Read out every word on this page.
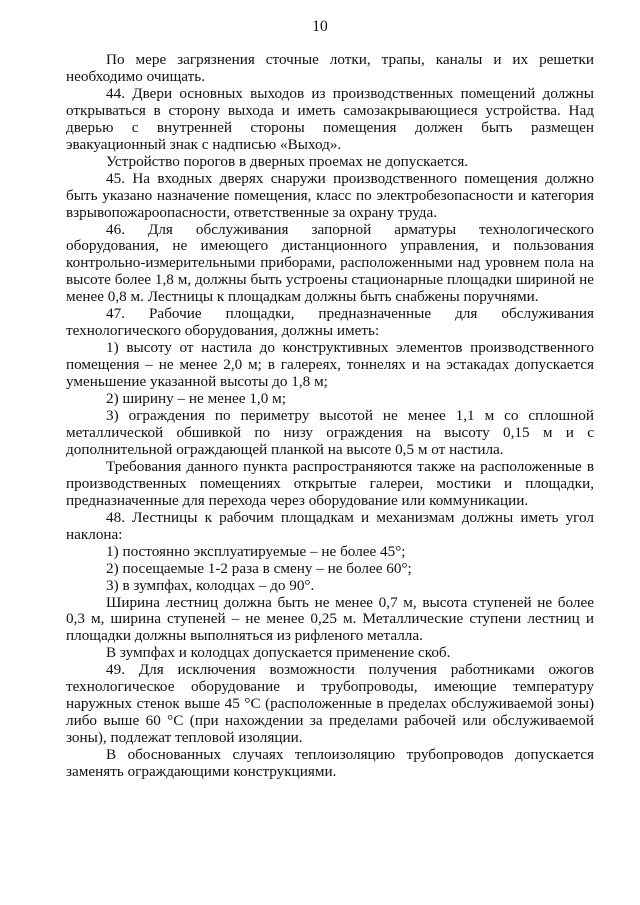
10

По мере загрязнения сточные лотки, трапы, каналы и их решетки необходимо очищать.

44. Двери основных выходов из производственных помещений должны открываться в сторону выхода и иметь самозакрывающиеся устройства. Над дверью с внутренней стороны помещения должен быть размещен эвакуационный знак с надписью «Выход».

Устройство порогов в дверных проемах не допускается.

45. На входных дверях снаружи производственного помещения должно быть указано назначение помещения, класс по электробезопасности и категория взрывопожароопасности, ответственные за охрану труда.

46. Для обслуживания запорной арматуры технологического оборудования, не имеющего дистанционного управления, и пользования контрольно-измерительными приборами, расположенными над уровнем пола на высоте более 1,8 м, должны быть устроены стационарные площадки шириной не менее 0,8 м. Лестницы к площадкам должны быть снабжены поручнями.

47. Рабочие площадки, предназначенные для обслуживания технологического оборудования, должны иметь:

1) высоту от настила до конструктивных элементов производственного помещения – не менее 2,0 м; в галереях, тоннелях и на эстакадах допускается уменьшение указанной высоты до 1,8 м;

2) ширину – не менее 1,0 м;

3) ограждения по периметру высотой не менее 1,1 м со сплошной металлической обшивкой по низу ограждения на высоту 0,15 м и с дополнительной ограждающей планкой на высоте 0,5 м от настила.

Требования данного пункта распространяются также на расположенные в производственных помещениях открытые галереи, мостики и площадки, предназначенные для перехода через оборудование или коммуникации.

48. Лестницы к рабочим площадкам и механизмам должны иметь угол наклона:

1) постоянно эксплуатируемые – не более 45°;

2) посещаемые 1-2 раза в смену – не более 60°;

3) в зумпфах, колодцах – до 90°.

Ширина лестниц должна быть не менее 0,7 м, высота ступеней не более 0,3 м, ширина ступеней – не менее 0,25 м. Металлические ступени лестниц и площадки должны выполняться из рифленого металла.

В зумпфах и колодцах допускается применение скоб.

49. Для исключения возможности получения работниками ожогов технологическое оборудование и трубопроводы, имеющие температуру наружных стенок выше 45 °С (расположенные в пределах обслуживаемой зоны) либо выше 60 °С (при нахождении за пределами рабочей или обслуживаемой зоны), подлежат тепловой изоляции.

В обоснованных случаях теплоизоляцию трубопроводов допускается заменять ограждающими конструкциями.
